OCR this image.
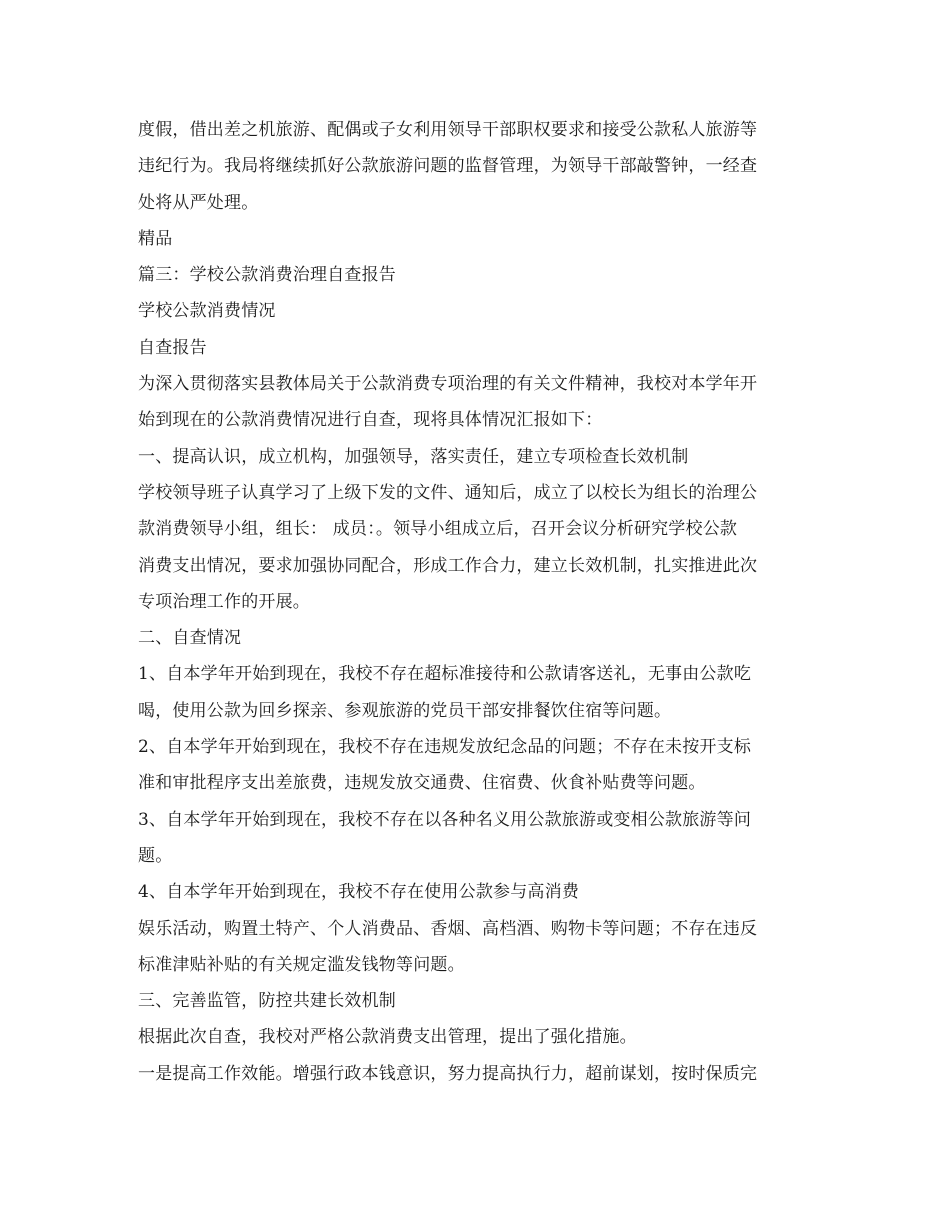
度假，借出差之机旅游、配偶或子女利用领导干部职权要求和接受公款私人旅游等
违纪行为。我局将继续抓好公款旅游问题的监督管理，为领导干部敲警钟，一经查
处将从严处理。
精品
篇三：学校公款消费治理自查报告
学校公款消费情况
自查报告
为深入贯彻落实县教体局关于公款消费专项治理的有关文件精神，我校对本学年开
始到现在的公款消费情况进行自查，现将具体情况汇报如下：
一、提高认识，成立机构，加强领导，落实责任，建立专项检查长效机制
学校领导班子认真学习了上级下发的文件、通知后，成立了以校长为组长的治理公
款消费领导小组，组长： 成员：。领导小组成立后，召开会议分析研究学校公款
消费支出情况，要求加强协同配合，形成工作合力，建立长效机制，扎实推进此次
专项治理工作的开展。
二、自查情况
1、自本学年开始到现在，我校不存在超标准接待和公款请客送礼，无事由公款吃
喝，使用公款为回乡探亲、参观旅游的党员干部安排餐饮住宿等问题。
2、自本学年开始到现在，我校不存在违规发放纪念品的问题；不存在未按开支标
准和审批程序支出差旅费，违规发放交通费、住宿费、伙食补贴费等问题。
3、自本学年开始到现在，我校不存在以各种名义用公款旅游或变相公款旅游等问
题。
4、自本学年开始到现在，我校不存在使用公款参与高消费
娱乐活动，购置土特产、个人消费品、香烟、高档酒、购物卡等问题；不存在违反
标准津贴补贴的有关规定滥发钱物等问题。
三、完善监管，防控共建长效机制
根据此次自查，我校对严格公款消费支出管理，提出了强化措施。
一是提高工作效能。增强行政本钱意识，努力提高执行力，超前谋划，按时保质完
